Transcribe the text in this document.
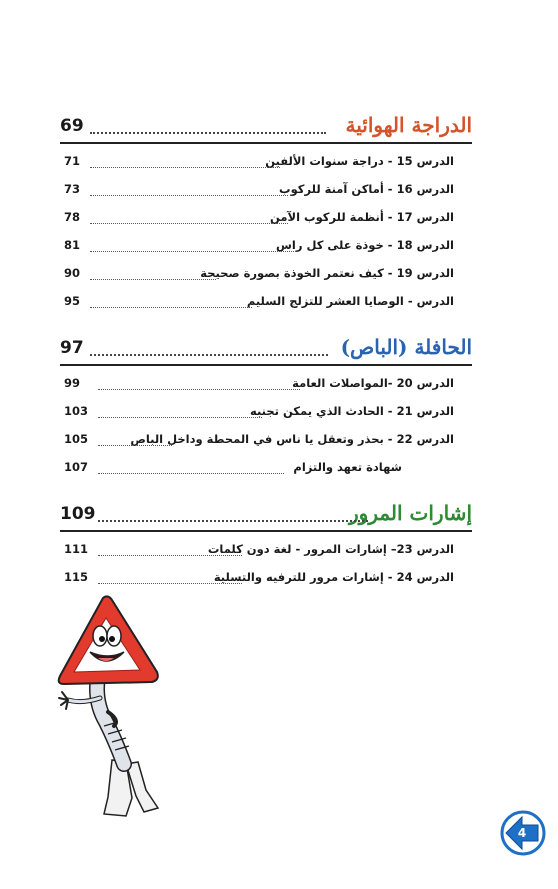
الدراجة الهوائية
69
الدرس 15 - دراجة سنوات الألفين
71
الدرس 16 - أماكن آمنة للركوب
73
الدرس 17 - أنظمة للركوب الآمن
78
الدرس 18 - خوذة على كل راس
81
الدرس 19 - كيف نعتمر الخوذة بصورة صحيحة
90
الدرس - الوصايا العشر للتزلج السليم
95
الحافلة (الباص)
97
الدرس 20 -المواصلات العامة
99
الدرس 21 - الحادث الذي يمكن تجنبه
103
الدرس 22 - بحذر وتعقل يا ناس في المحطة وداخل الباص
105
شهادة تعهد والتزام
107
إشارات المرور
109
الدرس 23– إشارات المرور - لغة دون كلمات
111
الدرس 24 - إشارات مرور للترفيه والتسلية
115
4
